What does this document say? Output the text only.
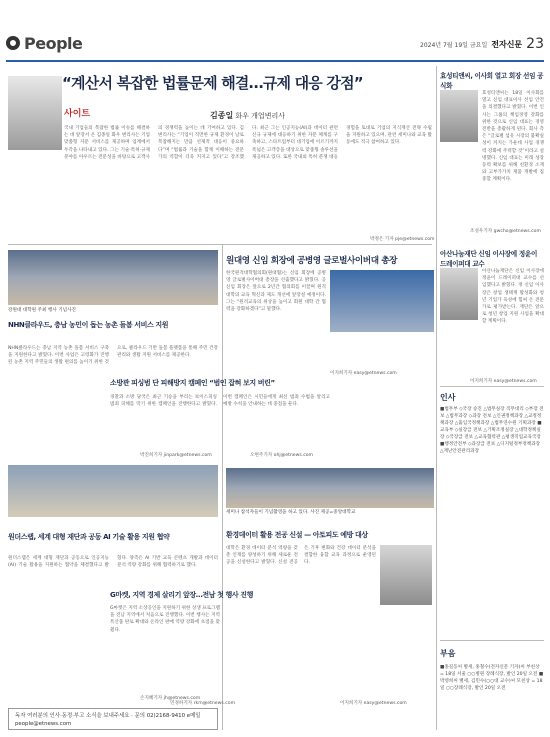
People	2024년 7월 19일 금요일 전자신문 23
“계산서 복잡한 법률문제 해결…규제 대응 강점”
사이트	김종일 화우 개업변리사
국내 기업들의 복잡한 법률 이슈를 해결하는 데 앞장서 온 김종일 화우 변리사는 기업 맞춤형 자문 서비스를 제공하며 업계에서 두각을 나타내고 있다. 그는 기술·특허·규제 분야를 아우르는 전문성을 바탕으로 고객사의 경쟁력을 높이는 데 기여하고 있다. 김 변리사는 “기업이 직면한 규제 환경이 날로 복잡해지는 만큼 선제적 대응이 중요하다”며 “법률과 기술을 함께 이해하는 전문가의 역할이 더욱 커지고 있다”고 강조했다. 최근 그는 인공지능(AI)과 데이터 관련 신규 규제에 대응하기 위한 자문 체계를 구축하고, 스타트업부터 대기업에 이르기까지 폭넓은 고객층을 대상으로 맞춤형 솔루션을 제공하고 있다. 또한 국내외 특허 분쟁 대응 경험을 토대로 기업의 지식재산 전략 수립을 지원하고 있으며, 관련 세미나와 교육 활동에도 적극 참여하고 있다.
박정은 기자 pje@etnews.com
효성티앤씨, 이사회 열고 회장 선임 공식화
효성티앤씨는 18일 이사회를 열고 신임 대표이사 선임 안건을 의결했다고 밝혔다. 이번 인사는 그룹의 책임경영 강화를 위한 것으로 신임 대표는 경영 전반을 총괄하게 된다. 회사 측은 “글로벌 섬유 시장의 불확실성이 커지는 가운데 사업 경쟁력 강화에 주력할 것”이라고 설명했다. 신임 대표는 미래 성장 동력 확보를 위해 친환경 소재와 고부가가치 제품 개발에 집중할 계획이다.
조성우기자 gwcho@etnews.com
강원대 대학원 주최 행사 기념사진
NHN클라우드, 충남 농민이 돕는 농촌 돌봄 서비스 지원
NHN클라우드는 충남 지역 농촌 돌봄 서비스 구축을 지원한다고 밝혔다. 이번 사업은 고령화가 진행된 농촌 지역 주민들의 생활 편의를 높이기 위한 것으로, 클라우드 기반 돌봄 플랫폼을 통해 주민 건강 관리와 생활 지원 서비스를 제공한다.
박진희기자 jinpark@etnews.com
원더스랩, 세계 대형 재단과 공동 AI 기술 활용 지원 협약
원더스랩은 세계 대형 재단과 공동으로 인공지능(AI) 기술 활용을 지원하는 협약을 체결했다고 밝혔다. 양측은 AI 기반 교육 콘텐츠 개발과 데이터 분석 역량 강화를 위해 협력하기로 했다.
손지혜기자 jh@etnews.com
원대영 신임 회장에 공병영 글로벌사이버대 총장
한국원격대학협의회(원대협)는 신임 회장에 공병영 글로벌사이버대 총장을 선출했다고 밝혔다. 공 신임 회장은 앞으로 2년간 협의회를 이끌며 원격대학의 교육 혁신과 제도 개선에 앞장설 예정이다. 그는 “원격교육의 위상을 높이고 회원 대학 간 협력을 강화하겠다”고 말했다.
이지희기자 easy@etnews.com
소방관 피싱범 단 피해방지 캠페인 “범인 잡혀 보지 버린”
경찰과 소방 당국은 최근 기승을 부리는 보이스피싱 범죄 피해를 막기 위한 캠페인을 진행한다고 밝혔다. 이번 캠페인은 시민들에게 최신 범죄 수법을 알리고 예방 수칙을 안내하는 데 중점을 둔다.
오현주기자 ohj@etnews.com
세미나 참석자들이 기념촬영을 하고 있다. 사진 제공=중앙대학교
G마켓, 지역 경제 살리기 앞장…전남 첫 행사 진행
G마켓은 지역 소상공인을 지원하기 위한 상생 프로그램을 전남 지역에서 처음으로 진행했다. 이번 행사는 지역 특산품 판로 확대와 온라인 판매 역량 강화에 초점을 맞췄다.
민경하기자 rkm@etnews.com
독자 여러분의 인사·동정·부고 소식을 보내주세요 · 문의 02)2168-9410 e메일 people@etnews.com
환경데이터 활용 전공 신설 — 아토피도 예방 대상
대학은 환경 데이터 분석 역량을 갖춘 인재를 양성하기 위해 새로운 전공을 신설한다고 밝혔다. 신설 전공은 기후 변화와 건강 데이터 분석을 결합한 융합 교육 과정으로 운영된다.
이지희기자 easy@etnews.com
아산나눔재단 신임 이사장에 정윤이 드레이퍼대 교수
아산나눔재단은 신임 이사장에 정윤이 드레이퍼대 교수를 선임했다고 밝혔다. 정 신임 이사장은 창업 생태계 활성화와 청년 기업가 육성에 힘써 온 전문가로 평가받는다. 재단은 앞으로 청년 창업 지원 사업을 확대할 계획이다.
이지희기자 easy@etnews.com
인사
■법무부 ◇국장 승진 △법무실장 직무대리 ◇부장 전보 △법무과장 ◇과장 전보 △인권정책과장 △교정정책과장 △출입국정책과장 △법무연수원 기획과장 ■교육부 ◇실장급 전보 △기획조정실장 △대학정책실장 ◇국장급 전보 △교육협력관 △평생직업교육국장 ■행정안전부 ◇과장급 전보 △디지털정부정책과장 △재난안전관리과장
부음
■홍길동씨 별세, 홍철수(전자신문 기자)씨 부친상 = 18일 서울 ○○병원 장례식장, 발인 20일 오전 ■박영희씨 별세, 김민수(○○대 교수)씨 모친상 = 18일 ○○장례식장, 발인 20일 오전
